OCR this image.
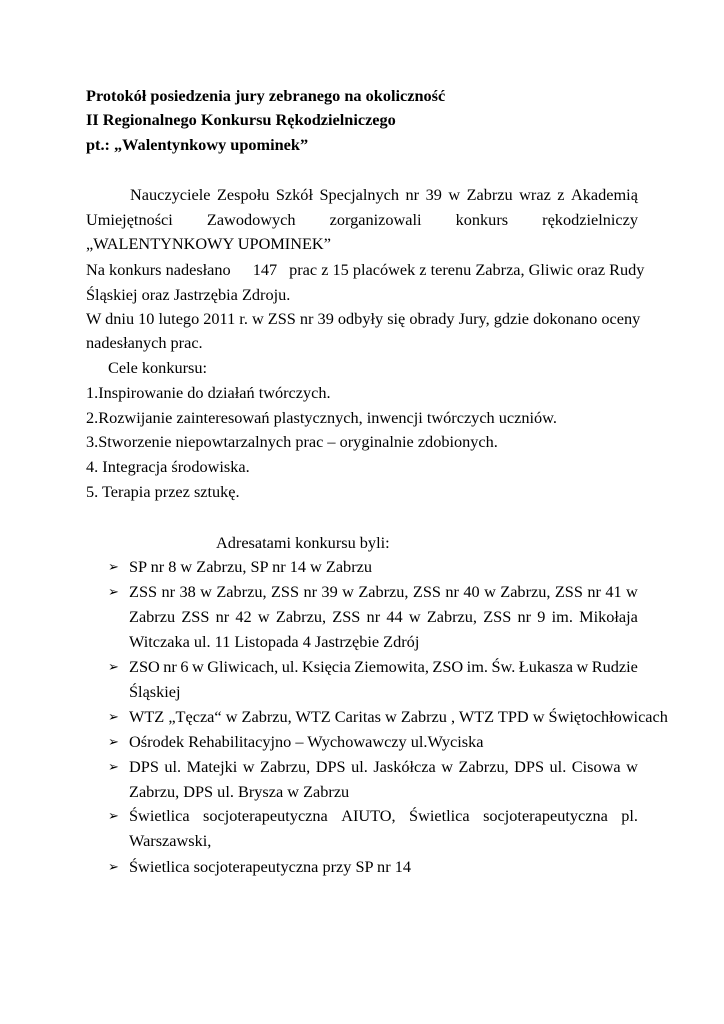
Protokół posiedzenia jury zebranego na okoliczność
II Regionalnego Konkursu Rękodzielniczego
pt.: „Walentynkowy upominek”
Nauczyciele Zespołu Szkół Specjalnych nr 39 w Zabrzu wraz z Akademią
Umiejętności Zawodowych zorganizowali konkurs rękodzielniczy
„WALENTYNKOWY UPOMINEK”
Na konkurs nadesłano 147 prac z 15 placówek z terenu Zabrza, Gliwic oraz Rudy
Śląskiej oraz Jastrzębia Zdroju.
W dniu 10 lutego 2011 r. w ZSS nr 39 odbyły się obrady Jury, gdzie dokonano oceny
nadesłanych prac.
Cele konkursu:
1.Inspirowanie do działań twórczych.
2.Rozwijanie zainteresowań plastycznych, inwencji twórczych uczniów.
3.Stworzenie niepowtarzalnych prac – oryginalnie zdobionych.
4. Integracja środowiska.
5. Terapia przez sztukę.
Adresatami konkursu byli:
➢ SP nr 8 w Zabrzu, SP nr 14 w Zabrzu
➢ ZSS nr 38 w Zabrzu, ZSS nr 39 w Zabrzu, ZSS nr 40 w Zabrzu, ZSS nr 41 w
Zabrzu ZSS nr 42 w Zabrzu, ZSS nr 44 w Zabrzu, ZSS nr 9 im. Mikołaja
Witczaka ul. 11 Listopada 4 Jastrzębie Zdrój
➢ ZSO nr 6 w Gliwicach, ul. Księcia Ziemowita, ZSO im. Św. Łukasza w Rudzie
Śląskiej
➢ WTZ „Tęcza“ w Zabrzu, WTZ Caritas w Zabrzu , WTZ TPD w Świętochłowicach
➢ Ośrodek Rehabilitacyjno – Wychowawczy ul.Wyciska
➢ DPS ul. Matejki w Zabrzu, DPS ul. Jaskółcza w Zabrzu, DPS ul. Cisowa w
Zabrzu, DPS ul. Brysza w Zabrzu
➢ Świetlica socjoterapeutyczna AIUTO, Świetlica socjoterapeutyczna pl.
Warszawski,
➢ Świetlica socjoterapeutyczna przy SP nr 14
